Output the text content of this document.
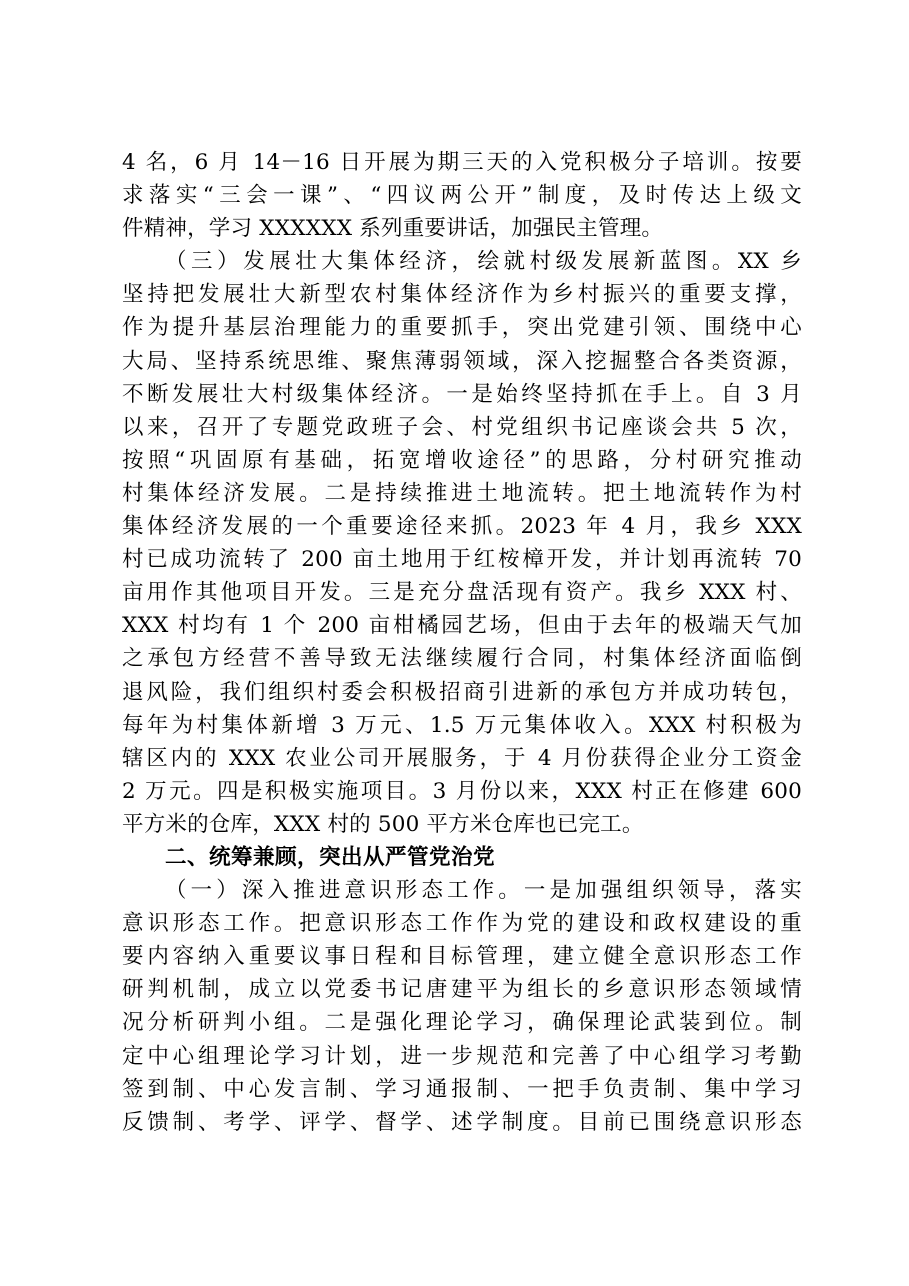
4 名，6 月 14－16 日开展为期三天的入党积极分子培训。按要
求落实“三会一课”、“四议两公开”制度，及时传达上级文
件精神，学习 XXXXXX 系列重要讲话，加强民主管理。
（三）发展壮大集体经济，绘就村级发展新蓝图。XX 乡
坚持把发展壮大新型农村集体经济作为乡村振兴的重要支撑，
作为提升基层治理能力的重要抓手，突出党建引领、围绕中心
大局、坚持系统思维、聚焦薄弱领域，深入挖掘整合各类资源，
不断发展壮大村级集体经济。一是始终坚持抓在手上。自 3 月
以来，召开了专题党政班子会、村党组织书记座谈会共 5 次，
按照“巩固原有基础，拓宽增收途径”的思路，分村研究推动
村集体经济发展。二是持续推进土地流转。把土地流转作为村
集体经济发展的一个重要途径来抓。2023 年 4 月，我乡 XXX
村已成功流转了 200 亩土地用于红桉樟开发，并计划再流转 70
亩用作其他项目开发。三是充分盘活现有资产。我乡 XXX 村、
XXX 村均有 1 个 200 亩柑橘园艺场，但由于去年的极端天气加
之承包方经营不善导致无法继续履行合同，村集体经济面临倒
退风险，我们组织村委会积极招商引进新的承包方并成功转包，
每年为村集体新增 3 万元、1.5 万元集体收入。XXX 村积极为
辖区内的 XXX 农业公司开展服务，于 4 月份获得企业分工资金
2 万元。四是积极实施项目。3 月份以来，XXX 村正在修建 600
平方米的仓库，XXX 村的 500 平方米仓库也已完工。
二、统筹兼顾，突出从严管党治党
（一）深入推进意识形态工作。一是加强组织领导，落实
意识形态工作。把意识形态工作作为党的建设和政权建设的重
要内容纳入重要议事日程和目标管理，建立健全意识形态工作
研判机制，成立以党委书记唐建平为组长的乡意识形态领域情
况分析研判小组。二是强化理论学习，确保理论武装到位。制
定中心组理论学习计划，进一步规范和完善了中心组学习考勤
签到制、中心发言制、学习通报制、一把手负责制、集中学习
反馈制、考学、评学、督学、述学制度。目前已围绕意识形态
